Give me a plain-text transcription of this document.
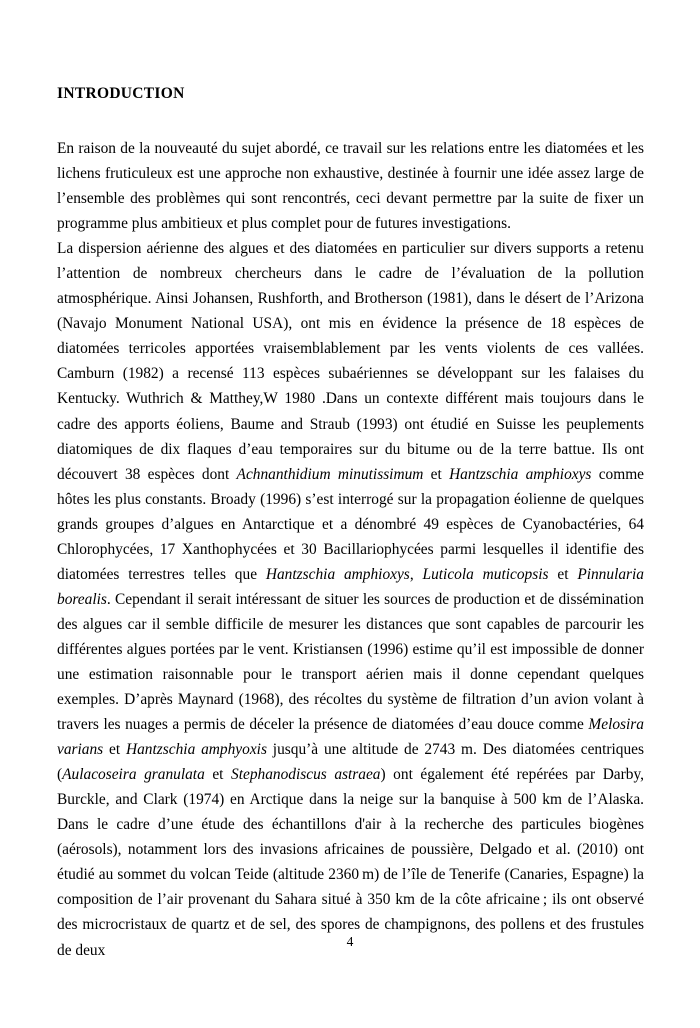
INTRODUCTION

En raison de la nouveauté du sujet abordé, ce travail sur les relations entre les diatomées et les lichens fruticuleux est une approche non exhaustive, destinée à fournir une idée assez large de l’ensemble des problèmes qui sont rencontrés, ceci devant permettre par la suite de fixer un programme plus ambitieux et plus complet pour de futures investigations.

La dispersion aérienne des algues et des diatomées en particulier sur divers supports a retenu l’attention de nombreux chercheurs dans le cadre de l’évaluation de la pollution atmosphérique. Ainsi Johansen, Rushforth, and Brotherson (1981), dans le désert de l’Arizona (Navajo Monument National USA), ont mis en évidence la présence de 18 espèces de diatomées terricoles apportées vraisemblablement par les vents violents de ces vallées. Camburn (1982) a recensé 113 espèces subaériennes se développant sur les falaises du Kentucky. Wuthrich & Matthey,W 1980 .Dans un contexte différent mais toujours dans le cadre des apports éoliens, Baume and Straub (1993) ont étudié en Suisse les peuplements diatomiques de dix flaques d’eau temporaires sur du bitume ou de la terre battue. Ils ont découvert 38 espèces dont Achnanthidium minutissimum et Hantzschia amphioxys comme hôtes les plus constants. Broady (1996) s’est interrogé sur la propagation éolienne de quelques grands groupes d’algues en Antarctique et a dénombré 49 espèces de Cyanobactéries, 64 Chlorophycées, 17 Xanthophycées et 30 Bacillariophycées parmi lesquelles il identifie des diatomées terrestres telles que Hantzschia amphioxys, Luticola muticopsis et Pinnularia borealis. Cependant il serait intéressant de situer les sources de production et de dissémination des algues car il semble difficile de mesurer les distances que sont capables de parcourir les différentes algues portées par le vent. Kristiansen (1996) estime qu’il est impossible de donner une estimation raisonnable pour le transport aérien mais il donne cependant quelques exemples. D’après Maynard (1968), des récoltes du système de filtration d’un avion volant à travers les nuages a permis de déceler la présence de diatomées d’eau douce comme Melosira varians et Hantzschia amphyoxis jusqu’à une altitude de 2743 m. Des diatomées centriques (Aulacoseira granulata et Stephanodiscus astraea) ont également été repérées par Darby, Burckle, and Clark (1974) en Arctique dans la neige sur la banquise à 500 km de l’Alaska. Dans le cadre d’une étude des échantillons d'air à la recherche des particules biogènes (aérosols), notamment lors des invasions africaines de poussière, Delgado et al. (2010) ont étudié au sommet du volcan Teide (altitude 2360 m) de l’île de Tenerife (Canaries, Espagne) la composition de l’air provenant du Sahara situé à 350 km de la côte africaine ; ils ont observé des microcristaux de quartz et de sel, des spores de champignons, des pollens et des frustules de deux	4
